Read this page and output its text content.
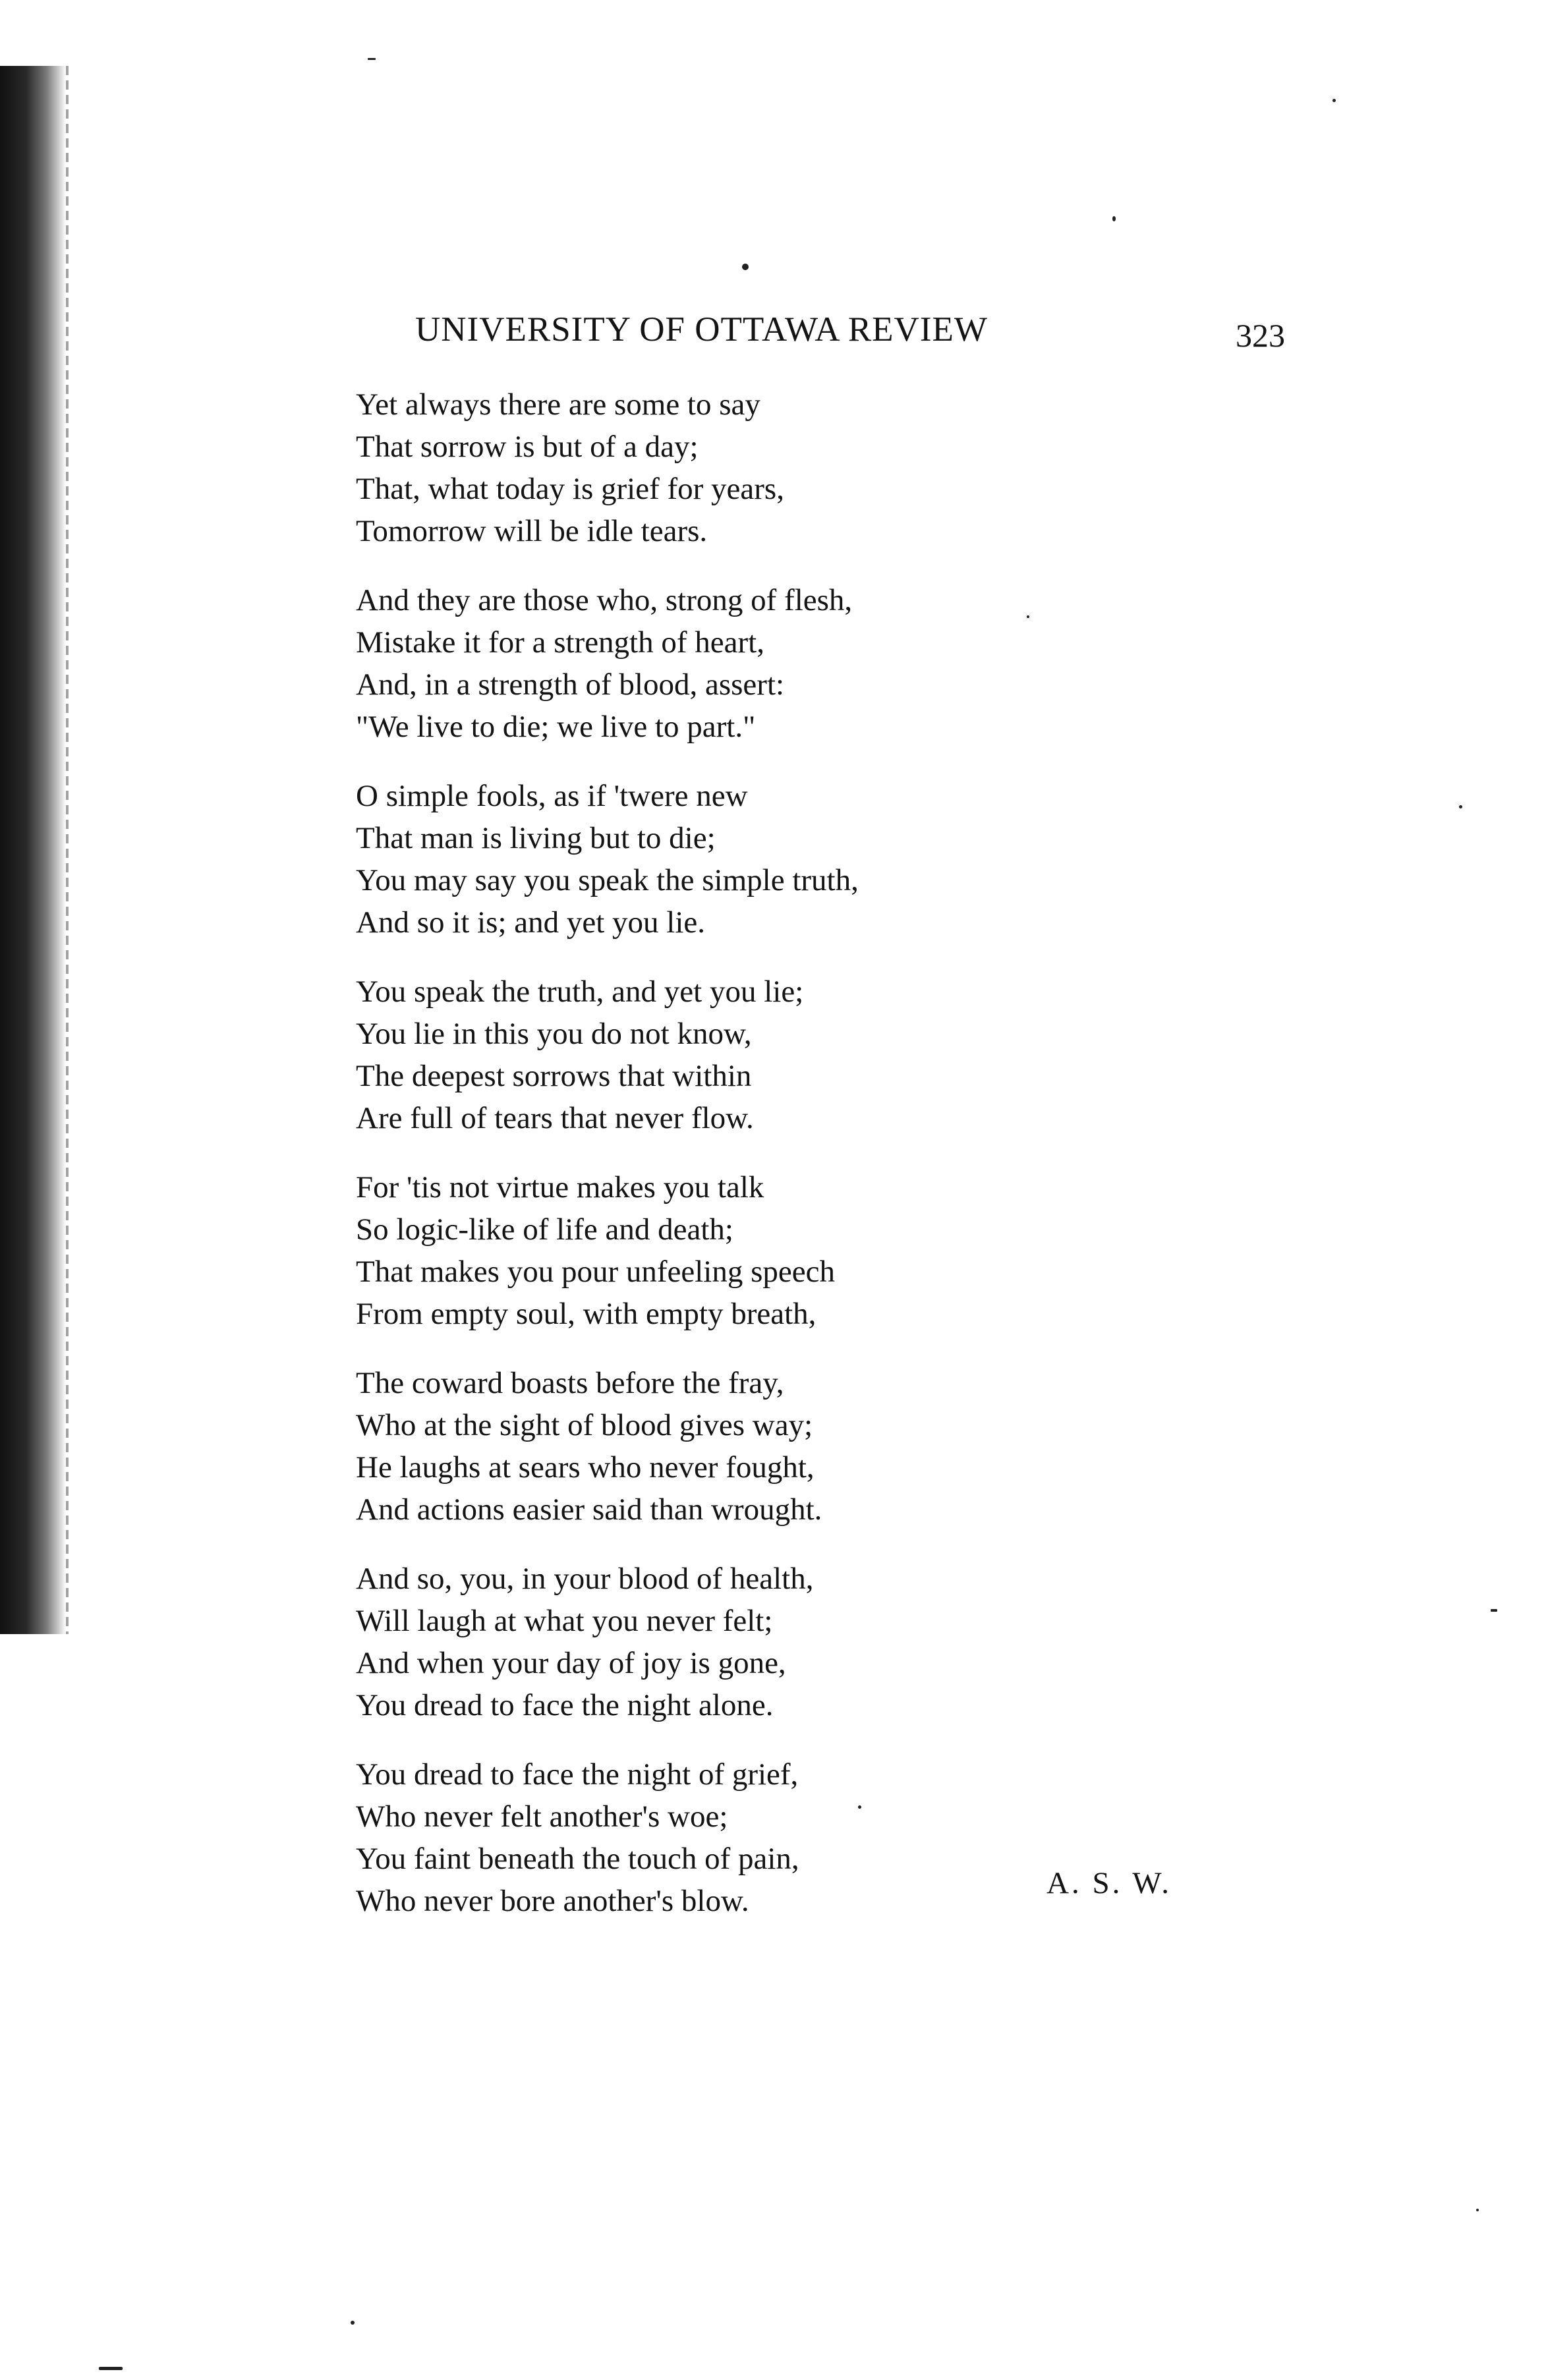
UNIVERSITY OF OTTAWA REVIEW	323
Yet always there are some to say
That sorrow is but of a day;
That, what today is grief for years,
Tomorrow will be idle tears.
And they are those who, strong of flesh,
Mistake it for a strength of heart,
And, in a strength of blood, assert:
"We live to die; we live to part."
O simple fools, as if 'twere new
That man is living but to die;
You may say you speak the simple truth,
And so it is; and yet you lie.
You speak the truth, and yet you lie;
You lie in this you do not know,
The deepest sorrows that within
Are full of tears that never flow.
For 'tis not virtue makes you talk
So logic-like of life and death;
That makes you pour unfeeling speech
From empty soul, with empty breath,
The coward boasts before the fray,
Who at the sight of blood gives way;
He laughs at sears who never fought,
And actions easier said than wrought.
And so, you, in your blood of health,
Will laugh at what you never felt;
And when your day of joy is gone,
You dread to face the night alone.
You dread to face the night of grief,
Who never felt another's woe;
You faint beneath the touch of pain,
Who never bore another's blow.
A. S. W.
